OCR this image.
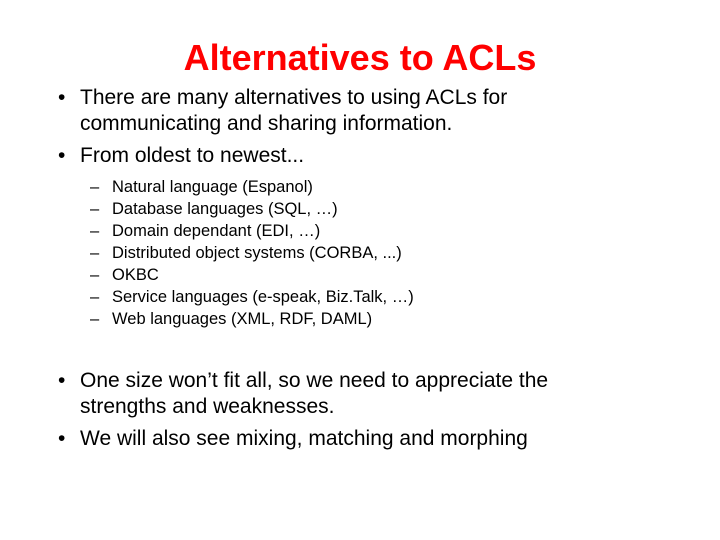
Alternatives to ACLs
• There are many alternatives to using ACLs for
communicating and sharing information.
• From oldest to newest...
– Natural language (Espanol)
– Database languages (SQL, …)
– Domain dependant (EDI, …)
– Distributed object systems (CORBA, ...)
– OKBC
– Service languages (e-speak, Biz.Talk, …)
– Web languages (XML, RDF, DAML)
• One size won’t fit all, so we need to appreciate the
strengths and weaknesses.
• We will also see mixing, matching and morphing
